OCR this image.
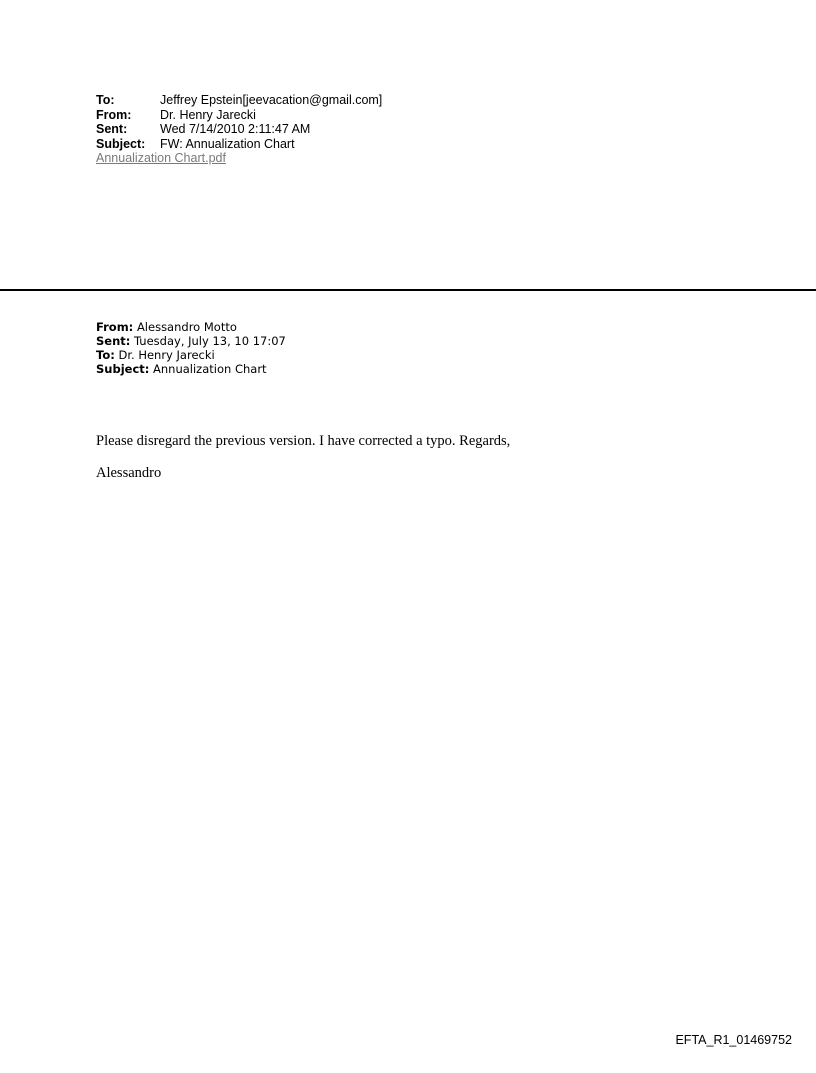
To:	Jeffrey Epstein[jeevacation@gmail.com]
From:	Dr. Henry Jarecki
Sent:	Wed 7/14/2010 2:11:47 AM
Subject:	FW: Annualization Chart
Annualization Chart.pdf
From: Alessandro Motto
Sent: Tuesday, July 13, 10 17:07
To: Dr. Henry Jarecki
Subject: Annualization Chart

Please disregard the previous version. I have corrected a typo. Regards,

Alessandro

EFTA_R1_01469752
